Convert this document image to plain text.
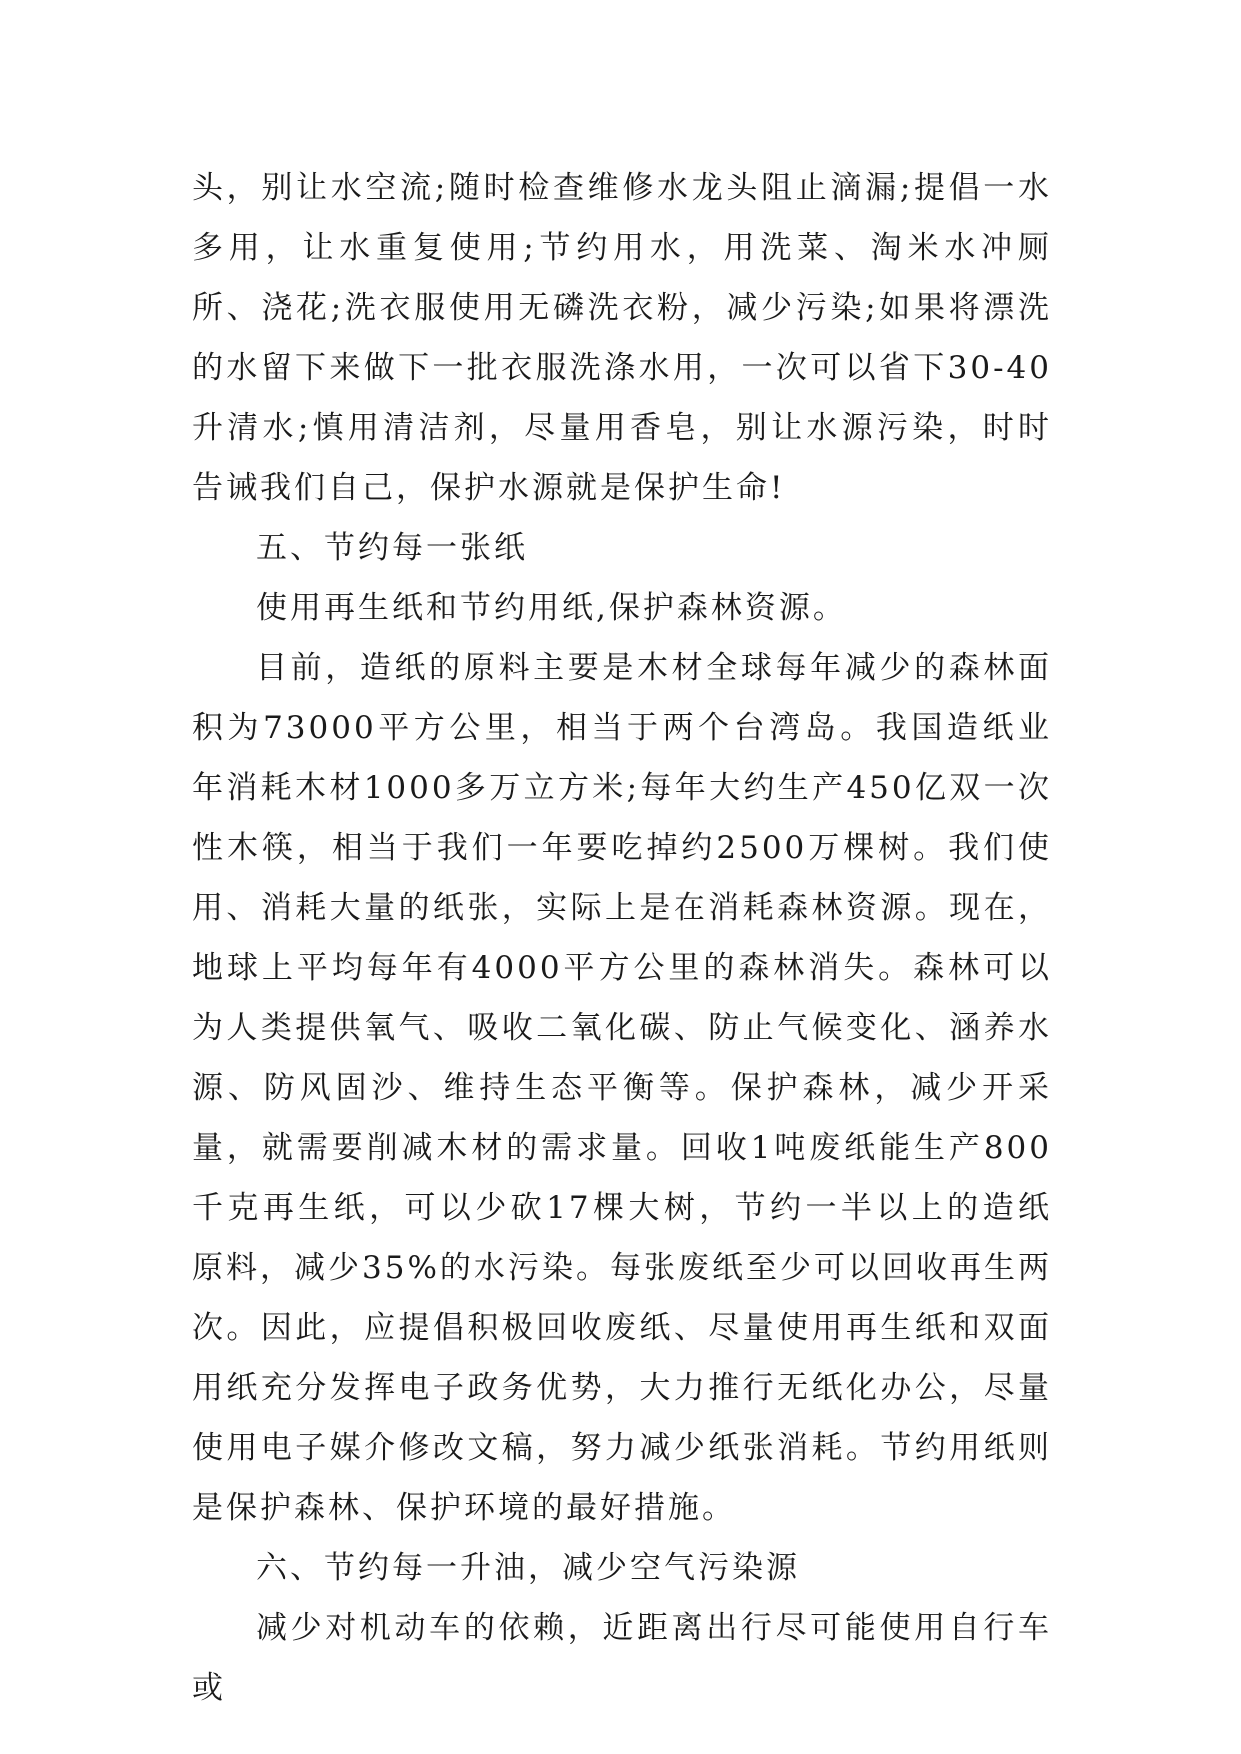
头，别让水空流;随时检查维修水龙头阻止滴漏;提倡一水多用，让水重复使用;节约用水，用洗菜、淘米水冲厕所、浇花;洗衣服使用无磷洗衣粉，减少污染;如果将漂洗的水留下来做下一批衣服洗涤水用，一次可以省下30-40升清水;慎用清洁剂，尽量用香皂，别让水源污染，时时告诫我们自己，保护水源就是保护生命!

五、节约每一张纸

使用再生纸和节约用纸,保护森林资源。

目前，造纸的原料主要是木材全球每年减少的森林面积为73000平方公里，相当于两个台湾岛。我国造纸业年消耗木材1000多万立方米;每年大约生产450亿双一次性木筷，相当于我们一年要吃掉约2500万棵树。我们使用、消耗大量的纸张，实际上是在消耗森林资源。现在，地球上平均每年有4000平方公里的森林消失。森林可以为人类提供氧气、吸收二氧化碳、防止气候变化、涵养水源、防风固沙、维持生态平衡等。保护森林，减少开采量，就需要削减木材的需求量。回收1吨废纸能生产800千克再生纸，可以少砍17棵大树，节约一半以上的造纸原料，减少35%的水污染。每张废纸至少可以回收再生两次。因此，应提倡积极回收废纸、尽量使用再生纸和双面用纸充分发挥电子政务优势，大力推行无纸化办公，尽量使用电子媒介修改文稿，努力减少纸张消耗。节约用纸则是保护森林、保护环境的最好措施。

六、节约每一升油，减少空气污染源

减少对机动车的依赖，近距离出行尽可能使用自行车或
